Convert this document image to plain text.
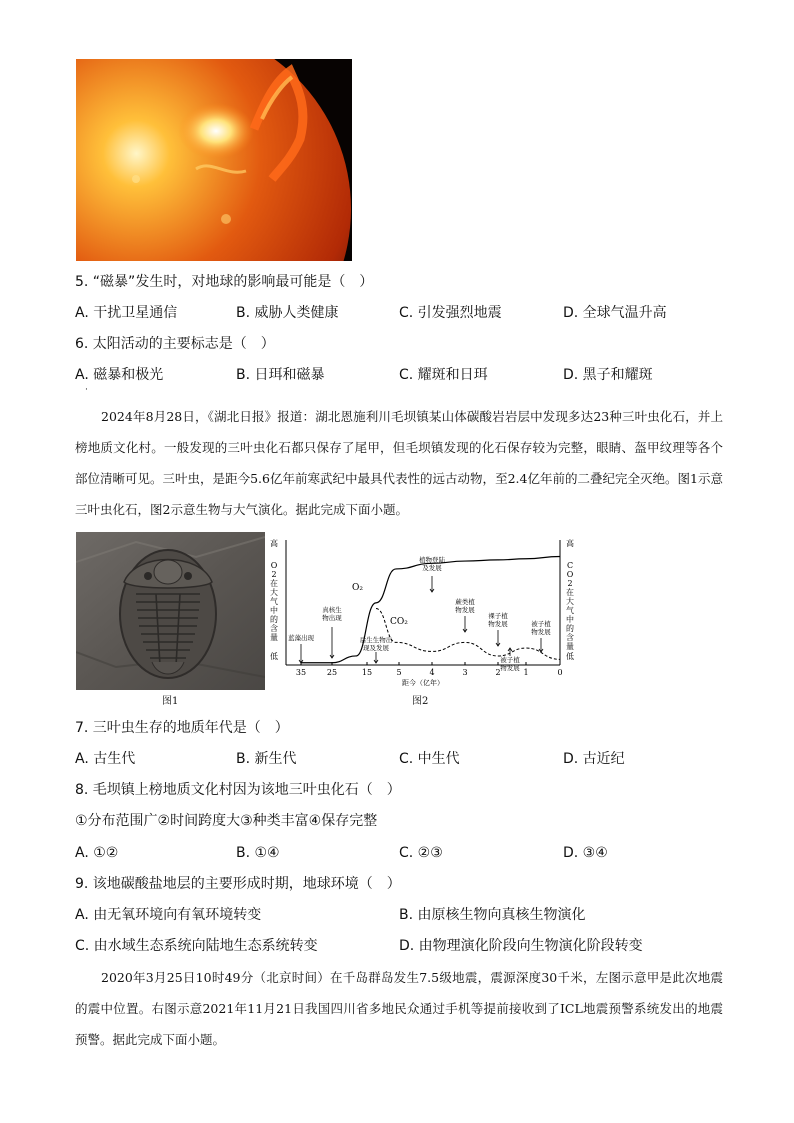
5. “磁暴”发生时，对地球的影响最可能是（　）
A. 干扰卫星通信	B. 威胁人类健康	C. 引发强烈地震	D. 全球气温升高
6. 太阳活动的主要标志是（　）
A. 磁暴和极光	B. 日珥和磁暴	C. 耀斑和日珥	D. 黑子和耀斑
·
2024年8月28日，《湖北日报》报道：湖北恩施利川毛坝镇某山体碳酸岩岩层中发现多达23种三叶虫化石，并上榜地质文化村。一般发现的三叶虫化石都只保存了尾甲，但毛坝镇发现的化石保存较为完整，眼睛、盔甲纹理等各个部位清晰可见。三叶虫，是距今5.6亿年前寒武纪中最具代表性的远古动物，至2.4亿年前的二叠纪完全灭绝。图1示意三叶虫化石，图2示意生物与大气演化。据此完成下面小题。
图1
35	25	15	5	4	3	2	1	0
距今（亿年）
高
低
O
2
在
大
气
中
的
含
量
高
低
C
O
2
在
大
气
中
的
含
量
O₂
CO₂
蓝藻出现
真核生
物出现
后生生物出
现及发展
植物登陆
及发展
蕨类植
物发展
裸子植
物发展
被子植
物发展
被子植
物发展
图2
7. 三叶虫生存的地质年代是（　）
A. 古生代	B. 新生代	C. 中生代	D. 古近纪
8. 毛坝镇上榜地质文化村因为该地三叶虫化石（　）
①分布范围广②时间跨度大③种类丰富④保存完整
A. ①②	B. ①④	C. ②③	D. ③④
9. 该地碳酸盐地层的主要形成时期，地球环境（　）
A. 由无氧环境向有氧环境转变	B. 由原核生物向真核生物演化
C. 由水域生态系统向陆地生态系统转变	D. 由物理演化阶段向生物演化阶段转变
2020年3月25日10时49分（北京时间）在千岛群岛发生7.5级地震，震源深度30千米，左图示意甲是此次地震的震中位置。右图示意2021年11月21日我国四川省多地民众通过手机等提前接收到了ICL地震预警系统发出的地震预警。据此完成下面小题。
